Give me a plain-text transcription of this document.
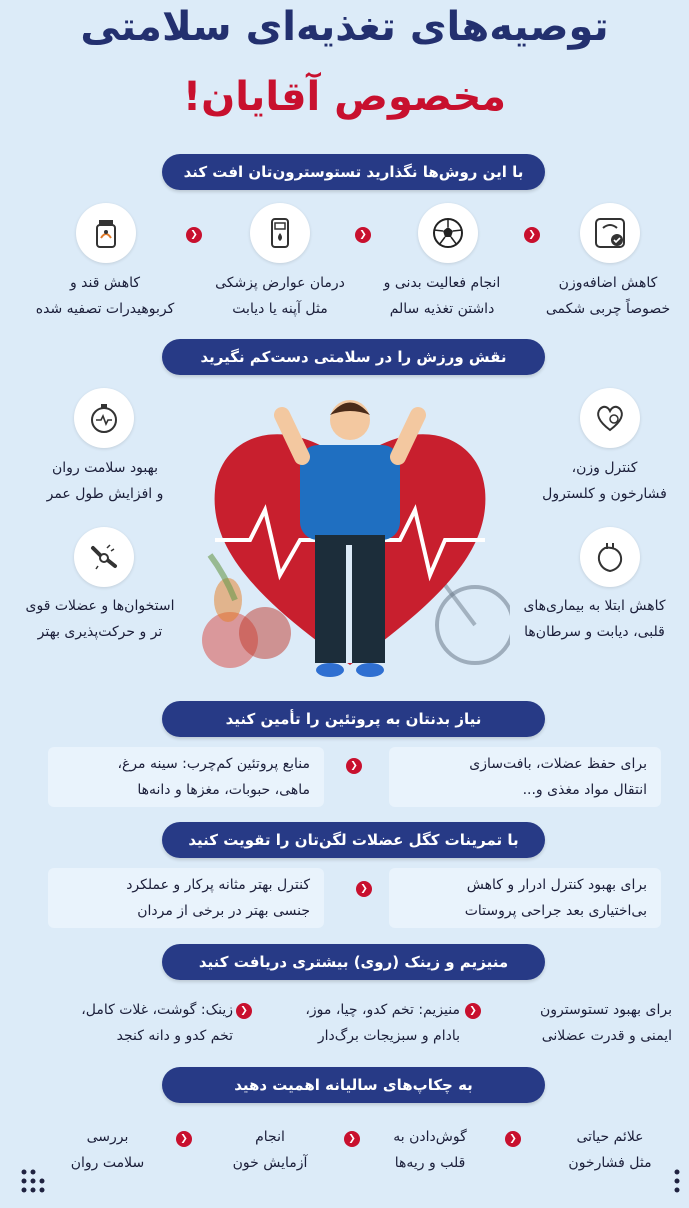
توصیه‌های تغذیه‌ای سلامتی
مخصوص آقایان!
با این روش‌ها نگذارید تستوسترون‌تان افت کند
❮
❮
❮
کاهش اضافه‌وزن
خصوصاً چربی شکمی
انجام فعالیت بدنی و
داشتن تغذیه سالم
درمان عوارض پزشکی
مثل آپنه یا دیابت
کاهش قند و
کربوهیدرات تصفیه شده
نقش ورزش را در سلامتی دست‌کم نگیرید
کنترل وزن،
فشارخون و کلسترول
کاهش ابتلا به بیماری‌های
قلبی، دیابت و سرطان‌ها
بهبود سلامت روان
و افزایش طول عمر
استخوان‌ها و عضلات قوی
تر و حرکت‌پذیری بهتر
نیاز بدنتان به پروتئین را تأمین کنید
برای حفظ عضلات، بافت‌سازی
انتقال مواد مغذی و...
❮
منابع پروتئین کم‌چرب: سینه مرغ،
ماهی، حبوبات، مغزها و دانه‌ها
با تمرینات کگل عضلات لگن‌تان را تقویت کنید
برای بهبود کنترل ادرار و کاهش
بی‌اختیاری بعد جراحی پروستات
❮
کنترل بهتر مثانه پرکار و عملکرد
جنسی بهتر در برخی از مردان
منیزیم و زینک (روی) بیشتری دریافت کنید
برای بهبود تستوسترون
ایمنی و قدرت عضلانی
❮
منیزیم: تخم کدو، چیا، موز،
بادام و سبزیجات برگ‌دار
❮
زینک: گوشت، غلات کامل،
تخم کدو و دانه کنجد
به چکاپ‌های سالیانه اهمیت دهید
علائم حیاتی
مثل فشارخون
❮
گوش‌دادن به
قلب و ریه‌ها
❮
انجام
آزمایش خون
❮
بررسی
سلامت روان
